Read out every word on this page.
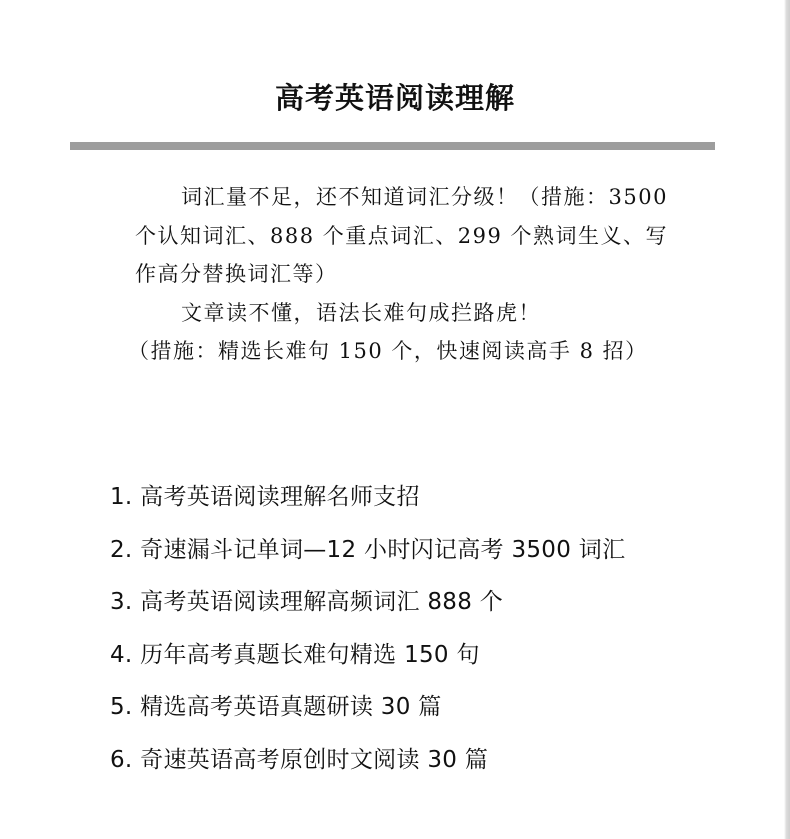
高考英语阅读理解

词汇量不足，还不知道词汇分级！（措施：3500 个认知词汇、888 个重点词汇、299 个熟词生义、写作高分替换词汇等）

文章读不懂，语法长难句成拦路虎！

（措施：精选长难句 150 个，快速阅读高手 8 招）

1. 高考英语阅读理解名师支招
2. 奇速漏斗记单词—12 小时闪记高考 3500 词汇
3. 高考英语阅读理解高频词汇 888 个
4. 历年高考真题长难句精选 150 句
5. 精选高考英语真题研读 30 篇
6. 奇速英语高考原创时文阅读 30 篇
